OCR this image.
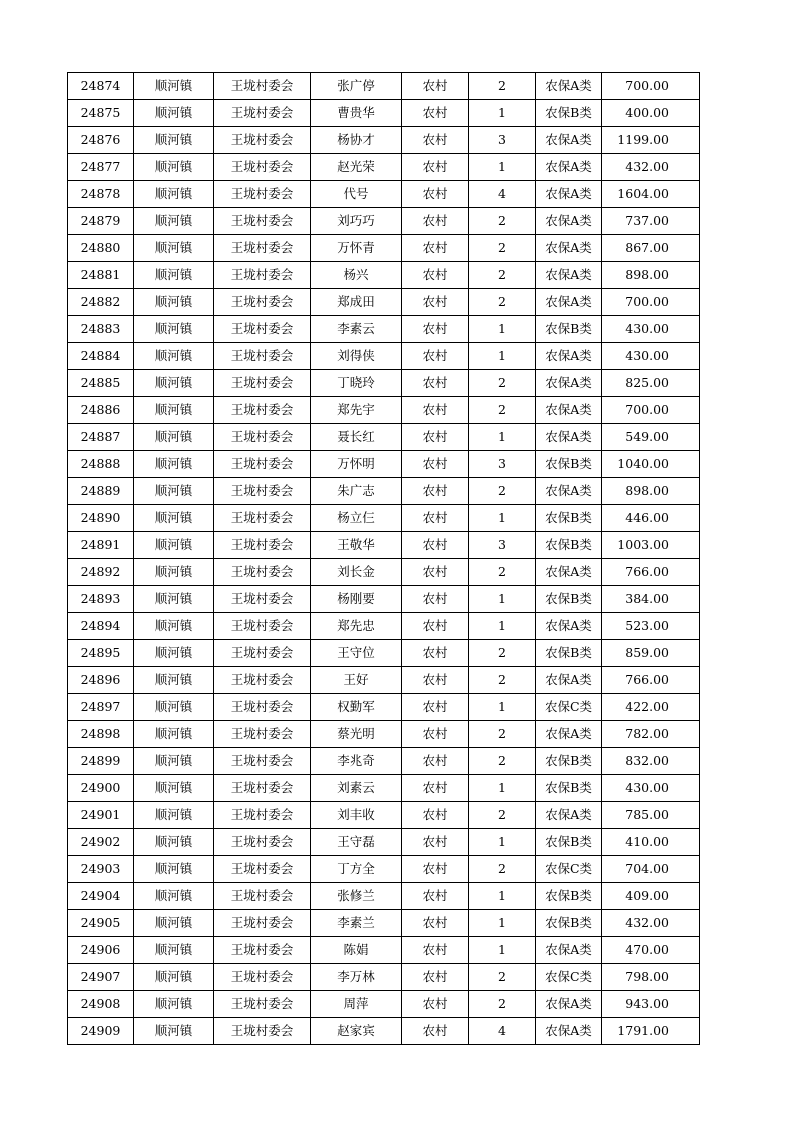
24874	顺河镇	王垅村委会	张广停	农村	2	农保A类	700.00
24875	顺河镇	王垅村委会	曹贵华	农村	1	农保B类	400.00
24876	顺河镇	王垅村委会	杨协才	农村	3	农保A类	1199.00
24877	顺河镇	王垅村委会	赵光荣	农村	1	农保A类	432.00
24878	顺河镇	王垅村委会	代号	农村	4	农保A类	1604.00
24879	顺河镇	王垅村委会	刘巧巧	农村	2	农保A类	737.00
24880	顺河镇	王垅村委会	万怀青	农村	2	农保A类	867.00
24881	顺河镇	王垅村委会	杨兴	农村	2	农保A类	898.00
24882	顺河镇	王垅村委会	郑成田	农村	2	农保A类	700.00
24883	顺河镇	王垅村委会	李素云	农村	1	农保B类	430.00
24884	顺河镇	王垅村委会	刘得侠	农村	1	农保A类	430.00
24885	顺河镇	王垅村委会	丁晓玲	农村	2	农保A类	825.00
24886	顺河镇	王垅村委会	郑先宇	农村	2	农保A类	700.00
24887	顺河镇	王垅村委会	聂长红	农村	1	农保A类	549.00
24888	顺河镇	王垅村委会	万怀明	农村	3	农保B类	1040.00
24889	顺河镇	王垅村委会	朱广志	农村	2	农保A类	898.00
24890	顺河镇	王垅村委会	杨立仨	农村	1	农保B类	446.00
24891	顺河镇	王垅村委会	王敬华	农村	3	农保B类	1003.00
24892	顺河镇	王垅村委会	刘长金	农村	2	农保A类	766.00
24893	顺河镇	王垅村委会	杨刚要	农村	1	农保B类	384.00
24894	顺河镇	王垅村委会	郑先忠	农村	1	农保A类	523.00
24895	顺河镇	王垅村委会	王守位	农村	2	农保B类	859.00
24896	顺河镇	王垅村委会	王好	农村	2	农保A类	766.00
24897	顺河镇	王垅村委会	权勤军	农村	1	农保C类	422.00
24898	顺河镇	王垅村委会	蔡光明	农村	2	农保A类	782.00
24899	顺河镇	王垅村委会	李兆奇	农村	2	农保B类	832.00
24900	顺河镇	王垅村委会	刘素云	农村	1	农保B类	430.00
24901	顺河镇	王垅村委会	刘丰收	农村	2	农保A类	785.00
24902	顺河镇	王垅村委会	王守磊	农村	1	农保B类	410.00
24903	顺河镇	王垅村委会	丁方全	农村	2	农保C类	704.00
24904	顺河镇	王垅村委会	张修兰	农村	1	农保B类	409.00
24905	顺河镇	王垅村委会	李素兰	农村	1	农保B类	432.00
24906	顺河镇	王垅村委会	陈娟	农村	1	农保A类	470.00
24907	顺河镇	王垅村委会	李万林	农村	2	农保C类	798.00
24908	顺河镇	王垅村委会	周萍	农村	2	农保A类	943.00
24909	顺河镇	王垅村委会	赵家宾	农村	4	农保A类	1791.00
